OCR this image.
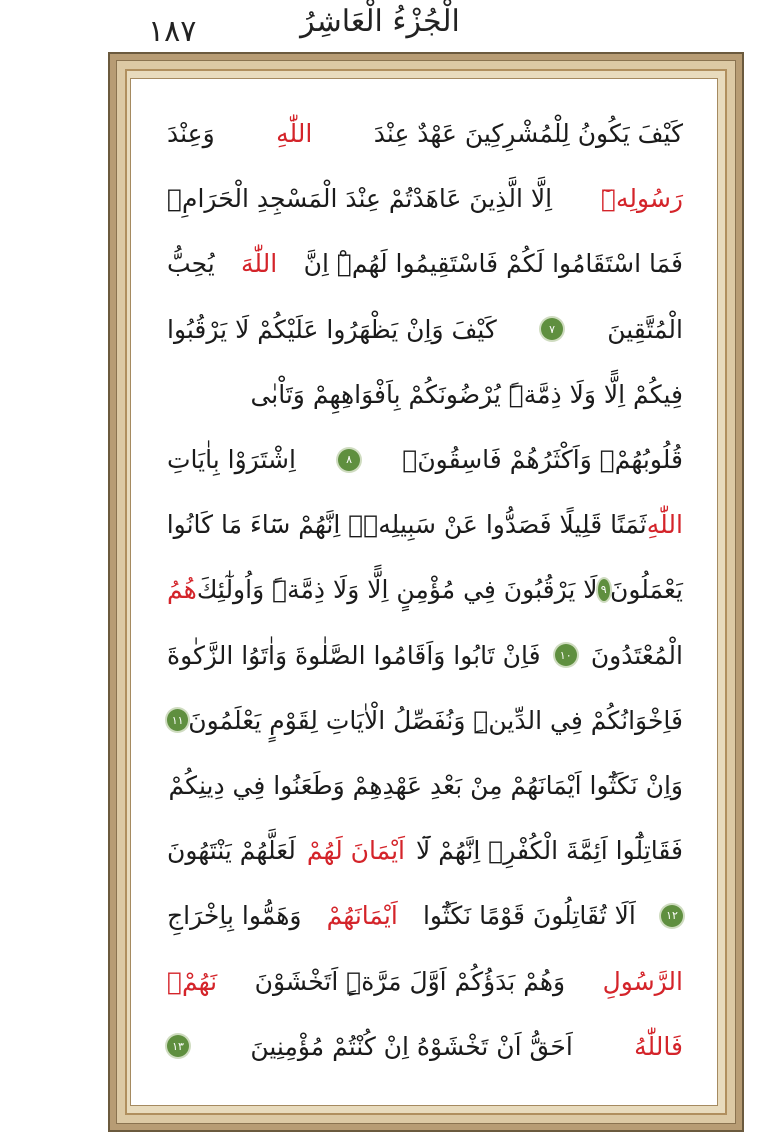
١٨٧	الْجُزْءُ الْعَاشِرُ
كَيْفَ يَكُونُ لِلْمُشْرِكِينَ عَهْدٌ عِنْدَ
اللّٰهِ
وَعِنْدَ
رَسُولِهٖٓ
اِلَّا الَّذِينَ عَاهَدْتُمْ عِنْدَ الْمَسْجِدِ الْحَرَامِۚ
فَمَا اسْتَقَامُوا لَكُمْ فَاسْتَقِيمُوا لَهُمْۜ اِنَّ
اللّٰهَ
يُحِبُّ
الْمُتَّقِينَ
٧
كَيْفَ وَاِنْ يَظْهَرُوا عَلَيْكُمْ لَا يَرْقُبُوا
فِيكُمْ اِلًّا وَلَا ذِمَّةًۜ يُرْضُونَكُمْ بِاَفْوَاهِهِمْ وَتَاْبٰى
قُلُوبُهُمْۚ وَاَكْثَرُهُمْ فَاسِقُونَۚ
٨
اِشْتَرَوْا بِاٰيَاتِ
اللّٰهِ
ثَمَنًا قَلِيلًا فَصَدُّوا عَنْ سَبِيلِهٖۜ اِنَّهُمْ سَٓاءَ مَا كَانُوا
يَعْمَلُونَ
٩
لَا يَرْقُبُونَ فِي مُؤْمِنٍ اِلًّا وَلَا ذِمَّةًۜ وَاُولٰٓئِكَ
هُمُ
الْمُعْتَدُونَ
١٠
فَاِنْ تَابُوا وَاَقَامُوا الصَّلٰوةَ وَاٰتَوُا الزَّكٰوةَ
فَاِخْوَانُكُمْ فِي الدِّينِۜ وَنُفَصِّلُ الْاٰيَاتِ لِقَوْمٍ يَعْلَمُونَ
١١
وَاِنْ نَكَثُٓوا اَيْمَانَهُمْ مِنْ بَعْدِ عَهْدِهِمْ وَطَعَنُوا فِي دِينِكُمْ
فَقَاتِلُٓوا اَئِمَّةَ الْكُفْرِۙ اِنَّهُمْ لَٓا
اَيْمَانَ لَهُمْ
لَعَلَّهُمْ يَنْتَهُونَ
١٢
اَلَا تُقَاتِلُونَ قَوْمًا نَكَثُٓوا
اَيْمَانَهُمْ
وَهَمُّوا بِاِخْرَاجِ
الرَّسُولِ
وَهُمْ بَدَؤُكُمْ اَوَّلَ مَرَّةٍۜ اَتَخْشَوْنَ
نَهُمْۚ
فَاللّٰهُ
اَحَقُّ اَنْ تَخْشَوْهُ اِنْ كُنْتُمْ مُؤْمِنِينَ
١٣
